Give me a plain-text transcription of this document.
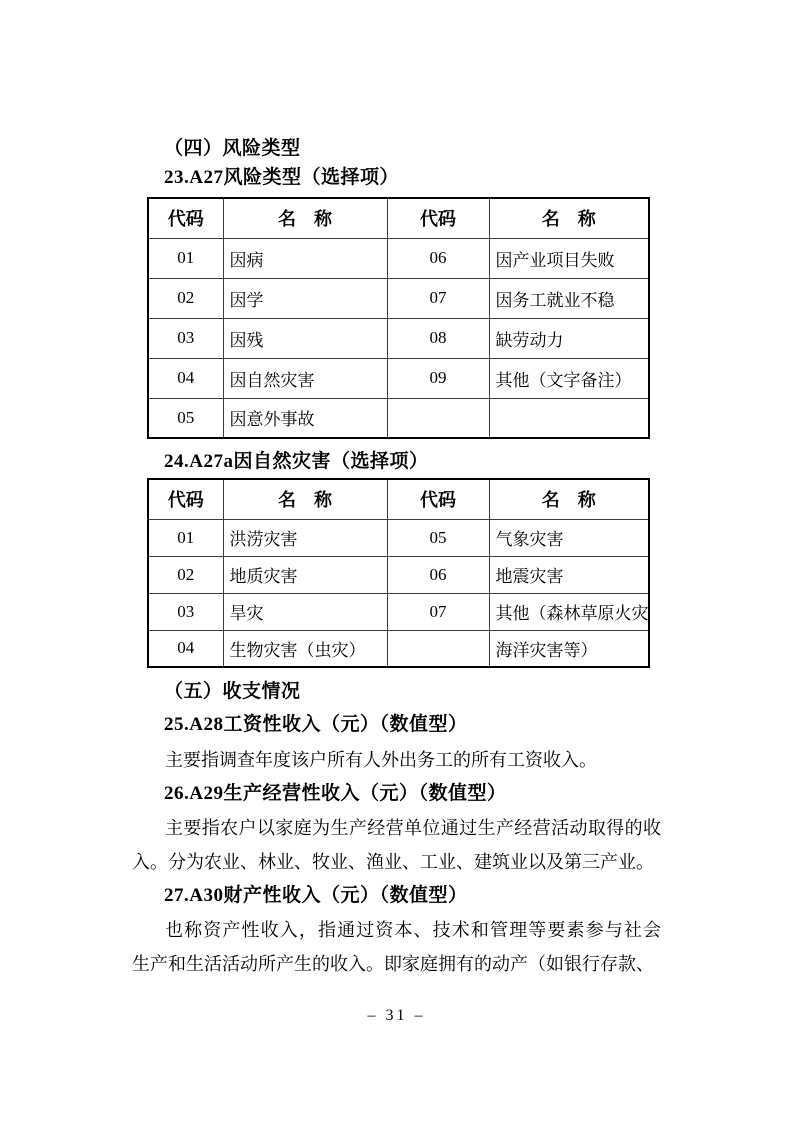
（四）风险类型
23.A27风险类型（选择项）
代码	名　称	代码	名　称
01	因病	06	因产业项目失败
02	因学	07	因务工就业不稳
03	因残	08	缺劳动力
04	因自然灾害	09	其他（文字备注）
05	因意外事故		
24.A27a因自然灾害（选择项）
代码	名　称	代码	名　称
01	洪涝灾害	05	气象灾害
02	地质灾害	06	地震灾害
03	旱灾	07	其他（森林草原火灾
04	生物灾害（虫灾）		海洋灾害等）
（五）收支情况
25.A28工资性收入（元）（数值型）
主要指调查年度该户所有人外出务工的所有工资收入。
26.A29生产经营性收入（元）（数值型）
主要指农户以家庭为生产经营单位通过生产经营活动取得的收
入。分为农业、林业、牧业、渔业、工业、建筑业以及第三产业。
27.A30财产性收入（元）（数值型）
也称资产性收入，指通过资本、技术和管理等要素参与社会
生产和生活活动所产生的收入。即家庭拥有的动产（如银行存款、
– 31 –
